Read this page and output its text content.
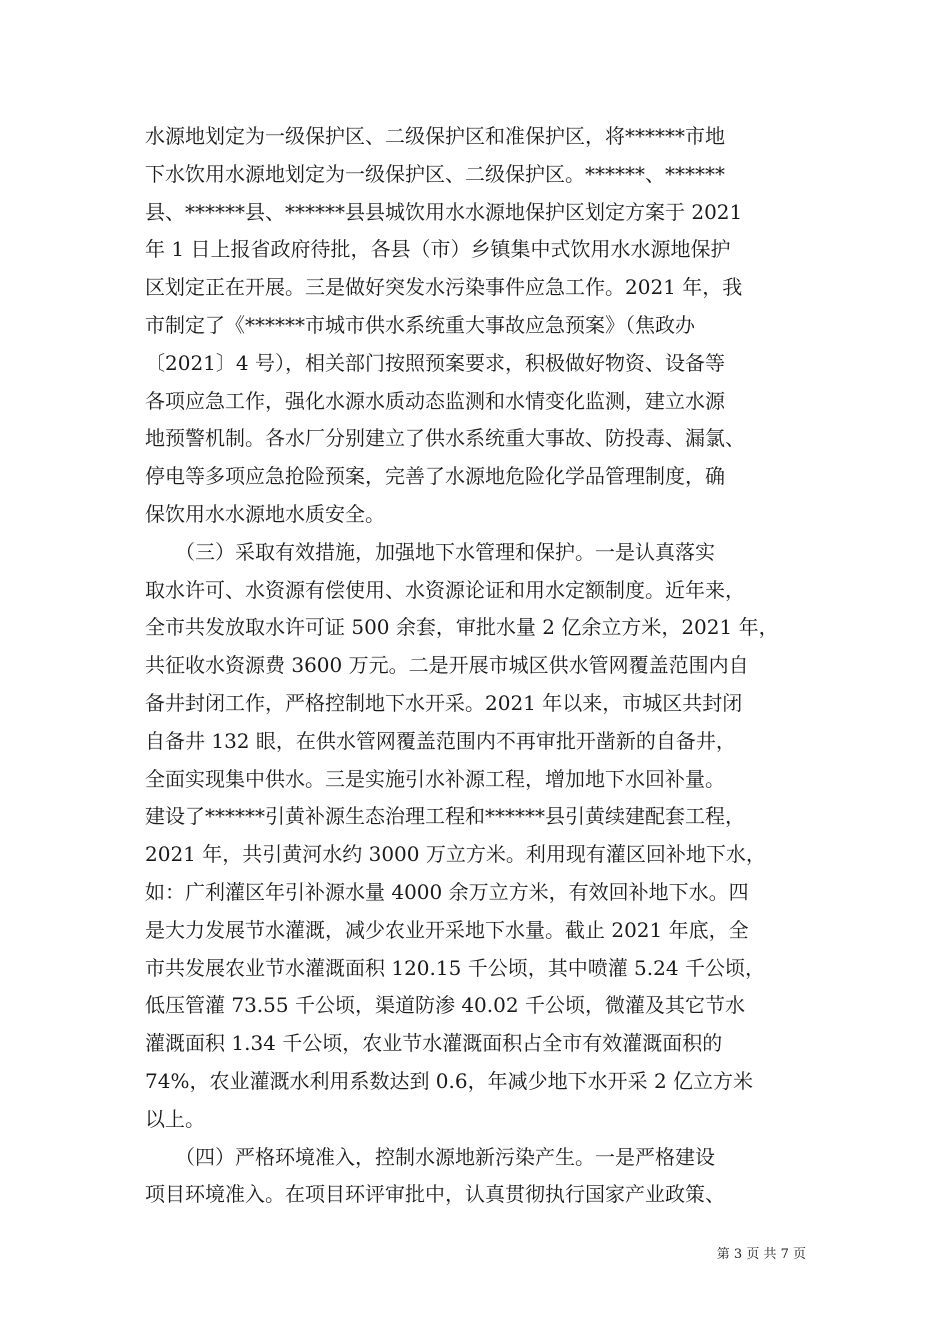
水源地划定为一级保护区、二级保护区和准保护区，将******市地
下水饮用水源地划定为一级保护区、二级保护区。******、******
县、******县、******县县城饮用水水源地保护区划定方案于 2021
年 1 日上报省政府待批，各县（市）乡镇集中式饮用水水源地保护
区划定正在开展。三是做好突发水污染事件应急工作。2021 年，我
市制定了《******市城市供水系统重大事故应急预案》（焦政办
〔2021〕4 号），相关部门按照预案要求，积极做好物资、设备等
各项应急工作，强化水源水质动态监测和水情变化监测，建立水源
地预警机制。各水厂分别建立了供水系统重大事故、防投毒、漏氯、
停电等多项应急抢险预案，完善了水源地危险化学品管理制度，确
保饮用水水源地水质安全。
　　（三）采取有效措施，加强地下水管理和保护。一是认真落实
取水许可、水资源有偿使用、水资源论证和用水定额制度。近年来，
全市共发放取水许可证 500 余套，审批水量 2 亿余立方米，2021 年，
共征收水资源费 3600 万元。二是开展市城区供水管网覆盖范围内自
备井封闭工作，严格控制地下水开采。2021 年以来，市城区共封闭
自备井 132 眼，在供水管网覆盖范围内不再审批开凿新的自备井，
全面实现集中供水。三是实施引水补源工程，增加地下水回补量。
建设了******引黄补源生态治理工程和******县引黄续建配套工程，
2021 年，共引黄河水约 3000 万立方米。利用现有灌区回补地下水，
如：广利灌区年引补源水量 4000 余万立方米，有效回补地下水。四
是大力发展节水灌溉，减少农业开采地下水量。截止 2021 年底，全
市共发展农业节水灌溉面积 120.15 千公顷，其中喷灌 5.24 千公顷，
低压管灌 73.55 千公顷，渠道防渗 40.02 千公顷，微灌及其它节水
灌溉面积 1.34 千公顷，农业节水灌溉面积占全市有效灌溉面积的
74%，农业灌溉水利用系数达到 0.6，年减少地下水开采 2 亿立方米
以上。
　　（四）严格环境准入，控制水源地新污染产生。一是严格建设
项目环境准入。在项目环评审批中，认真贯彻执行国家产业政策、
第 3 页 共 7 页
